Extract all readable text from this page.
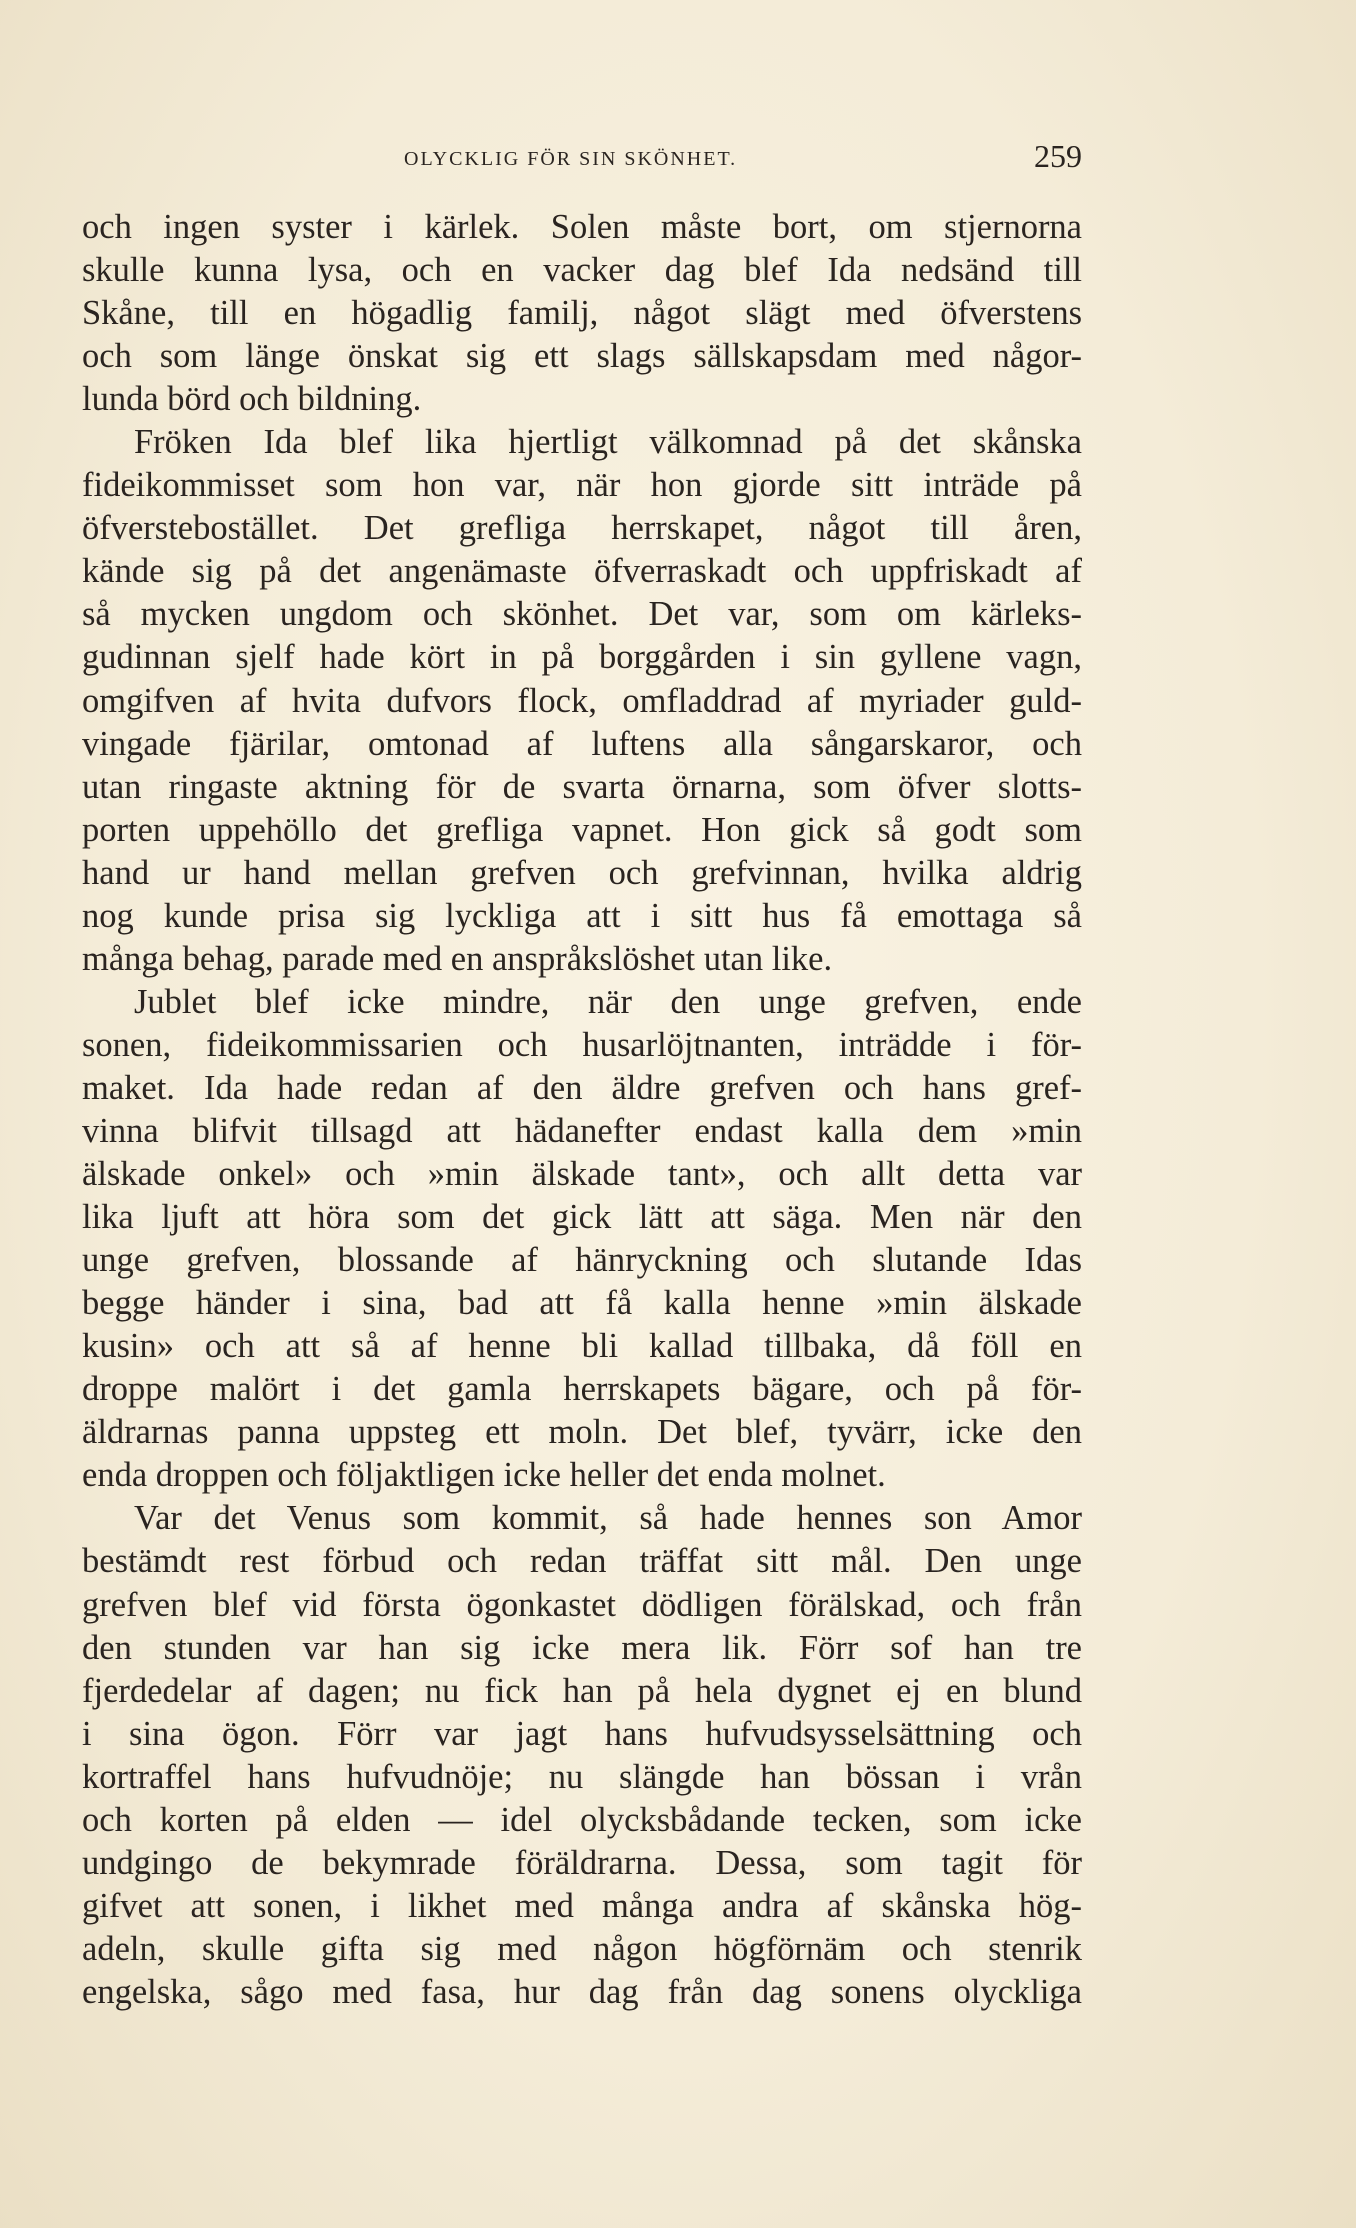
OLYCKLIG FÖR SIN SKÖNHET.	259
och ingen syster i kärlek. Solen måste bort, om stjernorna
skulle kunna lysa, och en vacker dag blef Ida nedsänd till
Skåne, till en högadlig familj, något slägt med öfverstens
och som länge önskat sig ett slags sällskapsdam med någor-
lunda börd och bildning.
Fröken Ida blef lika hjertligt välkomnad på det skånska
fideikommisset som hon var, när hon gjorde sitt inträde på
öfverstebostället. Det grefliga herrskapet, något till åren,
kände sig på det angenämaste öfverraskadt och uppfriskadt af
så mycken ungdom och skönhet. Det var, som om kärleks-
gudinnan sjelf hade kört in på borggården i sin gyllene vagn,
omgifven af hvita dufvors flock, omfladdrad af myriader guld-
vingade fjärilar, omtonad af luftens alla sångarskaror, och
utan ringaste aktning för de svarta örnarna, som öfver slotts-
porten uppehöllo det grefliga vapnet. Hon gick så godt som
hand ur hand mellan grefven och grefvinnan, hvilka aldrig
nog kunde prisa sig lyckliga att i sitt hus få emottaga så
många behag, parade med en anspråkslöshet utan like.
Jublet blef icke mindre, när den unge grefven, ende
sonen, fideikommissarien och husarlöjtnanten, inträdde i för-
maket. Ida hade redan af den äldre grefven och hans gref-
vinna blifvit tillsagd att hädanefter endast kalla dem »min
älskade onkel» och »min älskade tant», och allt detta var
lika ljuft att höra som det gick lätt att säga. Men när den
unge grefven, blossande af hänryckning och slutande Idas
begge händer i sina, bad att få kalla henne »min älskade
kusin» och att så af henne bli kallad tillbaka, då föll en
droppe malört i det gamla herrskapets bägare, och på för-
äldrarnas panna uppsteg ett moln. Det blef, tyvärr, icke den
enda droppen och följaktligen icke heller det enda molnet.
Var det Venus som kommit, så hade hennes son Amor
bestämdt rest förbud och redan träffat sitt mål. Den unge
grefven blef vid första ögonkastet dödligen förälskad, och från
den stunden var han sig icke mera lik. Förr sof han tre
fjerdedelar af dagen; nu fick han på hela dygnet ej en blund
i sina ögon. Förr var jagt hans hufvudsysselsättning och
kortraffel hans hufvudnöje; nu slängde han bössan i vrån
och korten på elden — idel olycksbådande tecken, som icke
undgingo de bekymrade föräldrarna. Dessa, som tagit för
gifvet att sonen, i likhet med många andra af skånska hög-
adeln, skulle gifta sig med någon högförnäm och stenrik
engelska, sågo med fasa, hur dag från dag sonens olyckliga
